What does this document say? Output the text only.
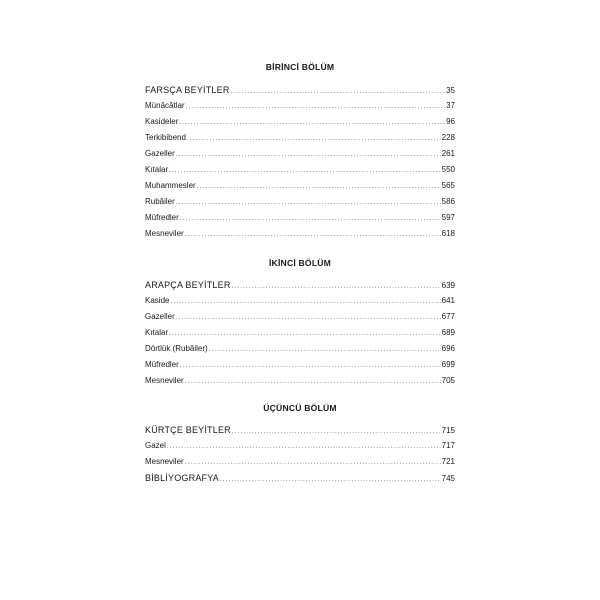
BİRİNCİ BÖLÜM
FARSÇA BEYİTLER .....	35
Münâcâtlar .....	37
Kasideler .....	96
Terkibibend .....	228
Gazeller .....	261
Kıtalar .....	550
Muhammesler .....	565
Rubâiler .....	586
Müfredler .....	597
Mesneviler .....	618
İKİNCİ BÖLÜM
ARAPÇA BEYİTLER .....	639
Kaside .....	641
Gazeller .....	677
Kıtalar .....	689
Dörtlük (Rubâiler) .....	696
Müfredler .....	699
Mesneviler .....	705
ÜÇÜNCÜ BÖLÜM
KÜRTÇE BEYİTLER .....	715
Gazel .....	717
Mesneviler .....	721
BİBLİYOGRAFYA .....	745
